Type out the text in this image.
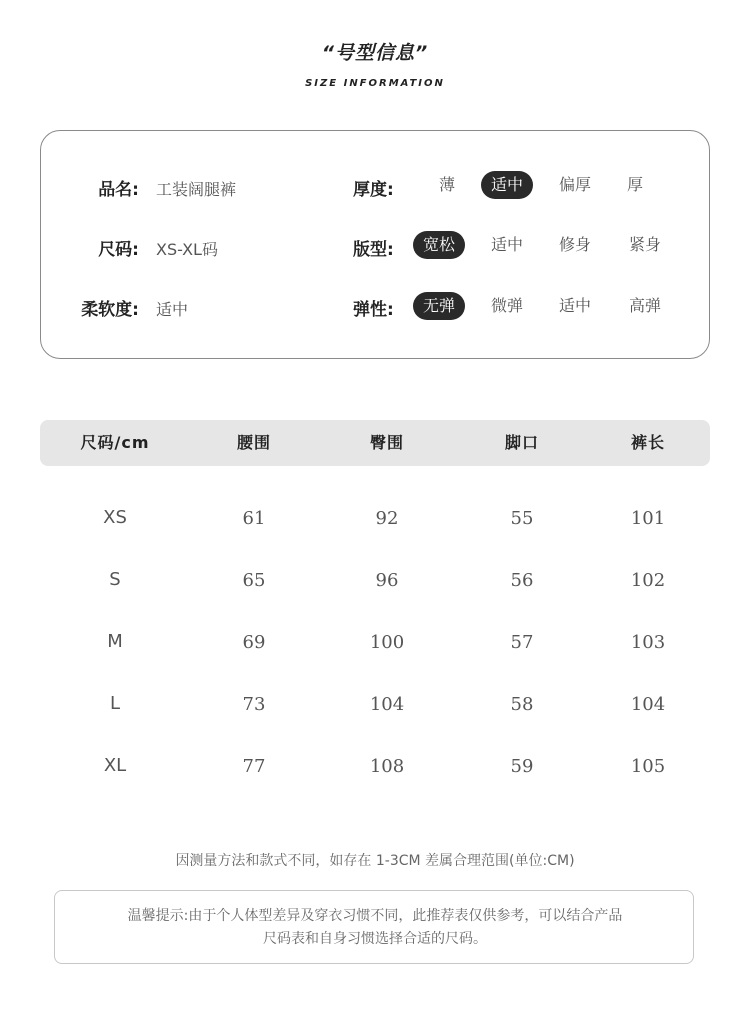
“号型信息”
SIZE INFORMATION
品名: 工装阔腿裤
尺码: XS-XL码
柔软度: 适中
厚度:	薄	适中	偏厚	厚
版型:	宽松	适中	修身	紧身
弹性:	无弹	微弹	适中	高弹
尺码/cm	腰围	臀围	脚口	裤长
XS	61	92	55	101
S	65	96	56	102
M	69	100	57	103
L	73	104	58	104
XL	77	108	59	105
因测量方法和款式不同，如存在 1-3CM 差属合理范围(单位:CM)
温馨提示:由于个人体型差异及穿衣习惯不同，此推荐表仅供参考，可以结合产品
尺码表和自身习惯选择合适的尺码。
